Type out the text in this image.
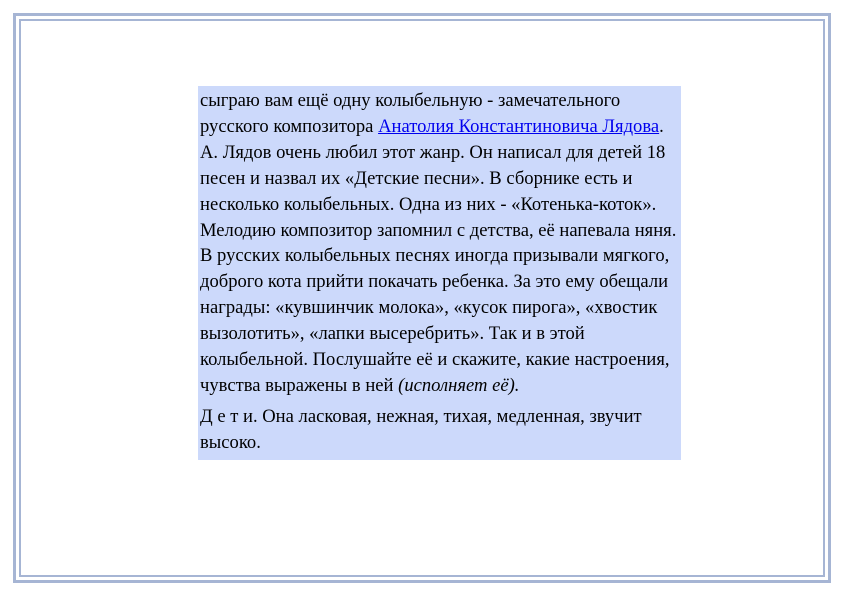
сыграю вам ещё одну колыбельную - замечательного русского композитора Анатолия Константиновича Лядова. А. Лядов очень любил этот жанр. Он написал для детей 18 песен и назвал их «Детские песни». В сборнике есть и несколько колыбельных. Одна из них - «Котенька-коток». Мелодию композитор запомнил с детства, её напевала няня.

В русских колыбельных песнях иногда призывали мягкого, доброго кота прийти покачать ребенка. За это ему обещали награды: «кувшинчик молока», «кусок пирога», «хвостик вызолотить», «лапки высеребрить». Так и в этой колыбельной. Послушайте её и скажите, какие настроения, чувства выражены в ней (исполняет её).

Д е т и. Она ласковая, нежная, тихая, медленная, звучит высоко.
